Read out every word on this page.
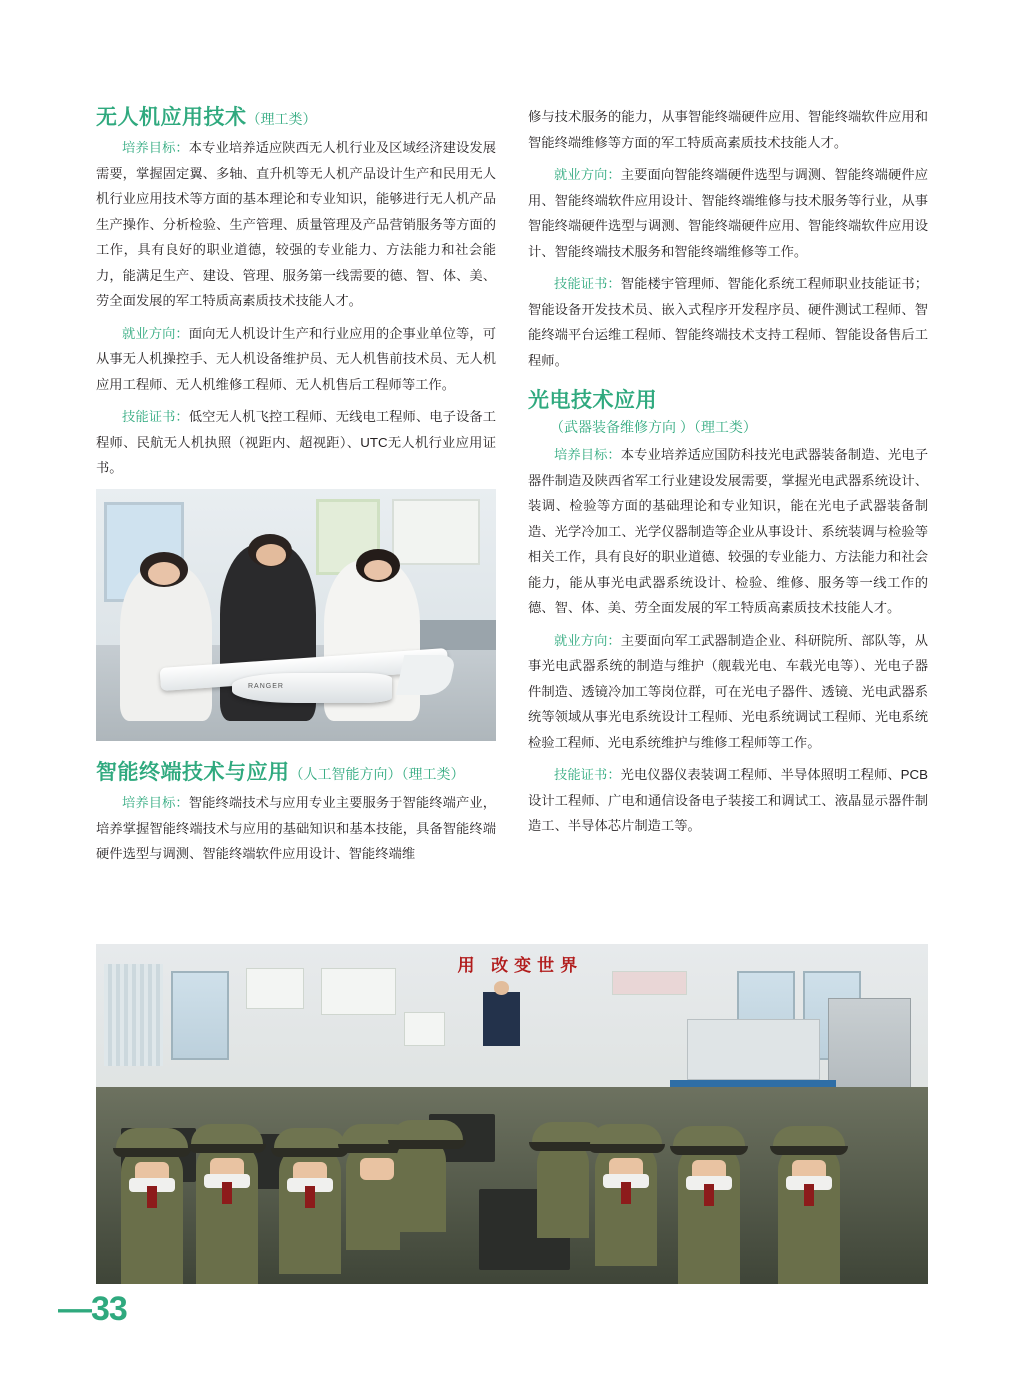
无人机应用技术（理工类）

培养目标：本专业培养适应陕西无人机行业及区域经济建设发展需要，掌握固定翼、多轴、直升机等无人机产品设计生产和民用无人机行业应用技术等方面的基本理论和专业知识，能够进行无人机产品生产操作、分析检验、生产管理、质量管理及产品营销服务等方面的工作，具有良好的职业道德，较强的专业能力、方法能力和社会能力，能满足生产、建设、管理、服务第一线需要的德、智、体、美、劳全面发展的军工特质高素质技术技能人才。

就业方向：面向无人机设计生产和行业应用的企事业单位等，可从事无人机操控手、无人机设备维护员、无人机售前技术员、无人机应用工程师、无人机维修工程师、无人机售后工程师等工作。

技能证书：低空无人机飞控工程师、无线电工程师、电子设备工程师、民航无人机执照（视距内、超视距）、UTC无人机行业应用证书。

RANGER
智能终端技术与应用（人工智能方向）（理工类）

培养目标：智能终端技术与应用专业主要服务于智能终端产业，培养掌握智能终端技术与应用的基础知识和基本技能，具备智能终端硬件选型与调测、智能终端软件应用设计、智能终端维

修与技术服务的能力，从事智能终端硬件应用、智能终端软件应用和智能终端维修等方面的军工特质高素质技术技能人才。

就业方向：主要面向智能终端硬件选型与调测、智能终端硬件应用、智能终端软件应用设计、智能终端维修与技术服务等行业，从事智能终端硬件选型与调测、智能终端硬件应用、智能终端软件应用设计、智能终端技术服务和智能终端维修等工作。

技能证书：智能楼宇管理师、智能化系统工程师职业技能证书；智能设备开发技术员、嵌入式程序开发程序员、硬件测试工程师、智能终端平台运维工程师、智能终端技术支持工程师、智能设备售后工程师。

光电技术应用
（武器装备维修方向 ）（理工类）

培养目标：本专业培养适应国防科技光电武器装备制造、光电子器件制造及陕西省军工行业建设发展需要，掌握光电武器系统设计、装调、检验等方面的基础理论和专业知识，能在光电子武器装备制造、光学冷加工、光学仪器制造等企业从事设计、系统装调与检验等相关工作，具有良好的职业道德、较强的专业能力、方法能力和社会能力，能从事光电武器系统设计、检验、维修、服务等一线工作的德、智、体、美、劳全面发展的军工特质高素质技术技能人才。

就业方向：主要面向军工武器制造企业、科研院所、部队等，从事光电武器系统的制造与维护（舰载光电、车载光电等）、光电子器件制造、透镜冷加工等岗位群，可在光电子器件、透镜、光电武器系统等领域从事光电系统设计工程师、光电系统调试工程师、光电系统检验工程师、光电系统维护与维修工程师等工作。

技能证书：光电仪器仪表装调工程师、半导体照明工程师、PCB设计工程师、广电和通信设备电子装接工和调试工、液晶显示器件制造工、半导体芯片制造工等。

用 改变世界
—33
